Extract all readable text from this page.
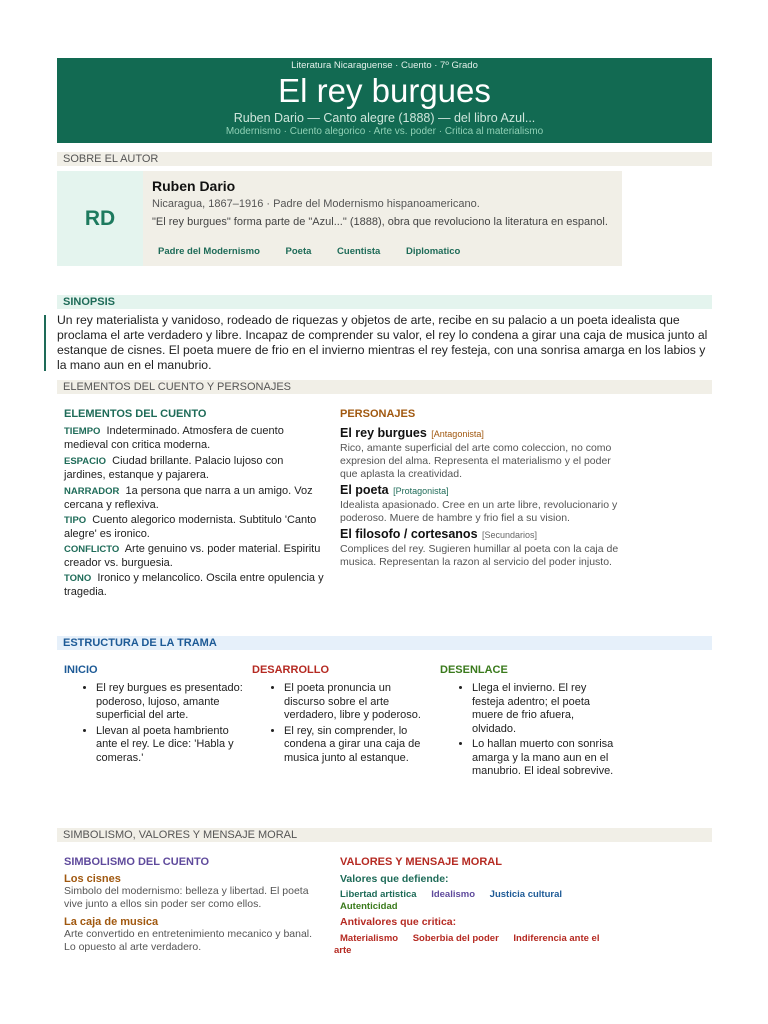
Literatura Nicaraguense · Cuento · 7º Grado
El rey burgues
Ruben Dario — Canto alegre (1888) — del libro Azul...
Modernismo · Cuento alegorico · Arte vs. poder · Critica al materialismo
SOBRE EL AUTOR
RD
Ruben Dario
Nicaragua, 1867–1916 · Padre del Modernismo hispanoamericano.
"El rey burgues" forma parte de "Azul..." (1888), obra que revoluciono la literatura en espanol.
Padre del Modernismo	Poeta	Cuentista	Diplomatico
SINOPSIS
Un rey materialista y vanidoso, rodeado de riquezas y objetos de arte, recibe en su palacio a un poeta idealista que proclama el arte verdadero y libre. Incapaz de comprender su valor, el rey lo condena a girar una caja de musica junto al estanque de cisnes. El poeta muere de frio en el invierno mientras el rey festeja, con una sonrisa amarga en los labios y la mano aun en el manubrio.
ELEMENTOS DEL CUENTO Y PERSONAJES
ELEMENTOS DEL CUENTO
TIEMPO Indeterminado. Atmosfera de cuento medieval con critica moderna.
ESPACIO Ciudad brillante. Palacio lujoso con jardines, estanque y pajarera.
NARRADOR 1a persona que narra a un amigo. Voz cercana y reflexiva.
TIPO Cuento alegorico modernista. Subtitulo 'Canto alegre' es ironico.
CONFLICTO Arte genuino vs. poder material. Espiritu creador vs. burguesia.
TONO Ironico y melancolico. Oscila entre opulencia y tragedia.
PERSONAJES
El rey burgues [Antagonista]
Rico, amante superficial del arte como coleccion, no como expresion del alma. Representa el materialismo y el poder que aplasta la creatividad.
El poeta [Protagonista]
Idealista apasionado. Cree en un arte libre, revolucionario y poderoso. Muere de hambre y frio fiel a su vision.
El filosofo / cortesanos [Secundarios]
Complices del rey. Sugieren humillar al poeta con la caja de musica. Representan la razon al servicio del poder injusto.
ESTRUCTURA DE LA TRAMA
INICIO
• El rey burgues es presentado: poderoso, lujoso, amante superficial del arte.
• Llevan al poeta hambriento ante el rey. Le dice: 'Habla y comeras.'
DESARROLLO
• El poeta pronuncia un discurso sobre el arte verdadero, libre y poderoso.
• El rey, sin comprender, lo condena a girar una caja de musica junto al estanque.
DESENLACE
• Llega el invierno. El rey festeja adentro; el poeta muere de frio afuera, olvidado.
• Lo hallan muerto con sonrisa amarga y la mano aun en el manubrio. El ideal sobrevive.
SIMBOLISMO, VALORES Y MENSAJE MORAL
SIMBOLISMO DEL CUENTO
Los cisnes
Simbolo del modernismo: belleza y libertad. El poeta vive junto a ellos sin poder ser como ellos.
La caja de musica
Arte convertido en entretenimiento mecanico y banal. Lo opuesto al arte verdadero.
VALORES Y MENSAJE MORAL
Valores que defiende:
Libertad artistica Idealismo Justicia cultural Autenticidad
Antivalores que critica:
Materialismo Soberbia del poder Indiferencia ante el arte
